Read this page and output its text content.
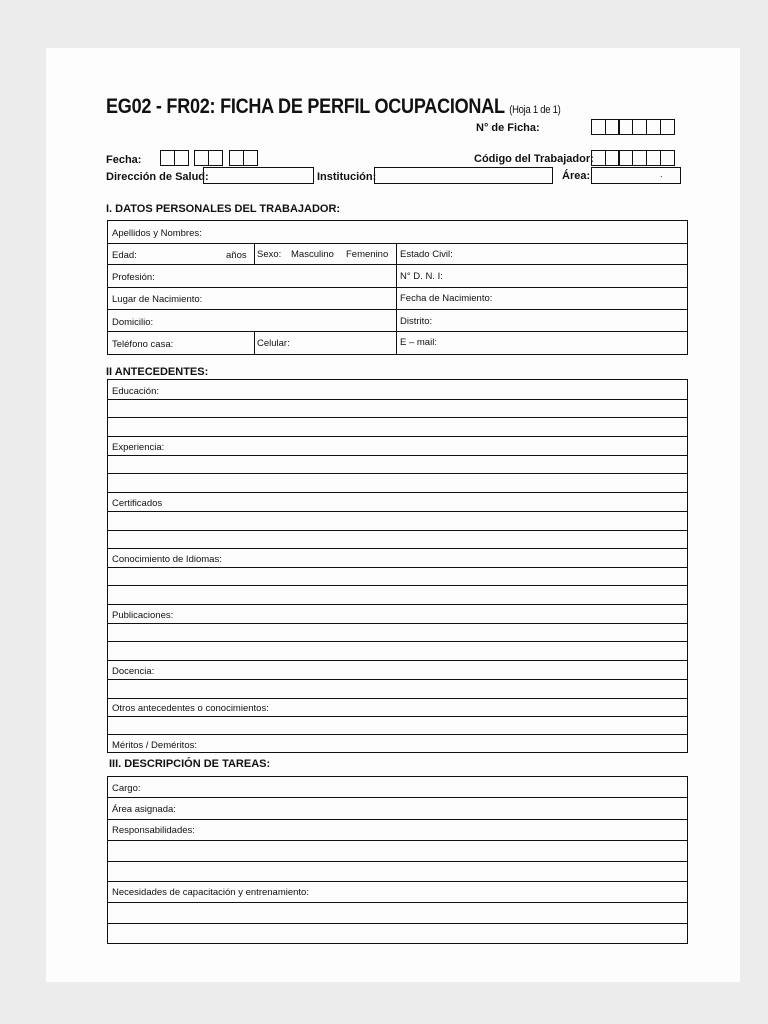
EG02 - FR02: FICHA DE PERFIL OCUPACIONAL (Hoja 1 de 1)
N° de Ficha:
Fecha:	Código del Trabajador:
Dirección de Salud:	Institución:	Área:	.
I. DATOS PERSONALES DEL TRABAJADOR:
Apellidos y Nombres:
Edad:	años Sexo: Masculino Femenino Estado Civil:
Profesión:	N° D. N. I:
Lugar de Nacimiento:	Fecha de Nacimiento:
Domicilio:	Distrito:
Teléfono casa:	Celular:	E – mail:
II ANTECEDENTES:
Educación:
Experiencia:
Certificados
Conocimiento de Idiomas:
Publicaciones:
Docencia:
Otros antecedentes o conocimientos:
Méritos / Deméritos:
III. DESCRIPCIÓN DE TAREAS:
Cargo:
Área asignada:
Responsabilidades:
Necesidades de capacitación y entrenamiento:
